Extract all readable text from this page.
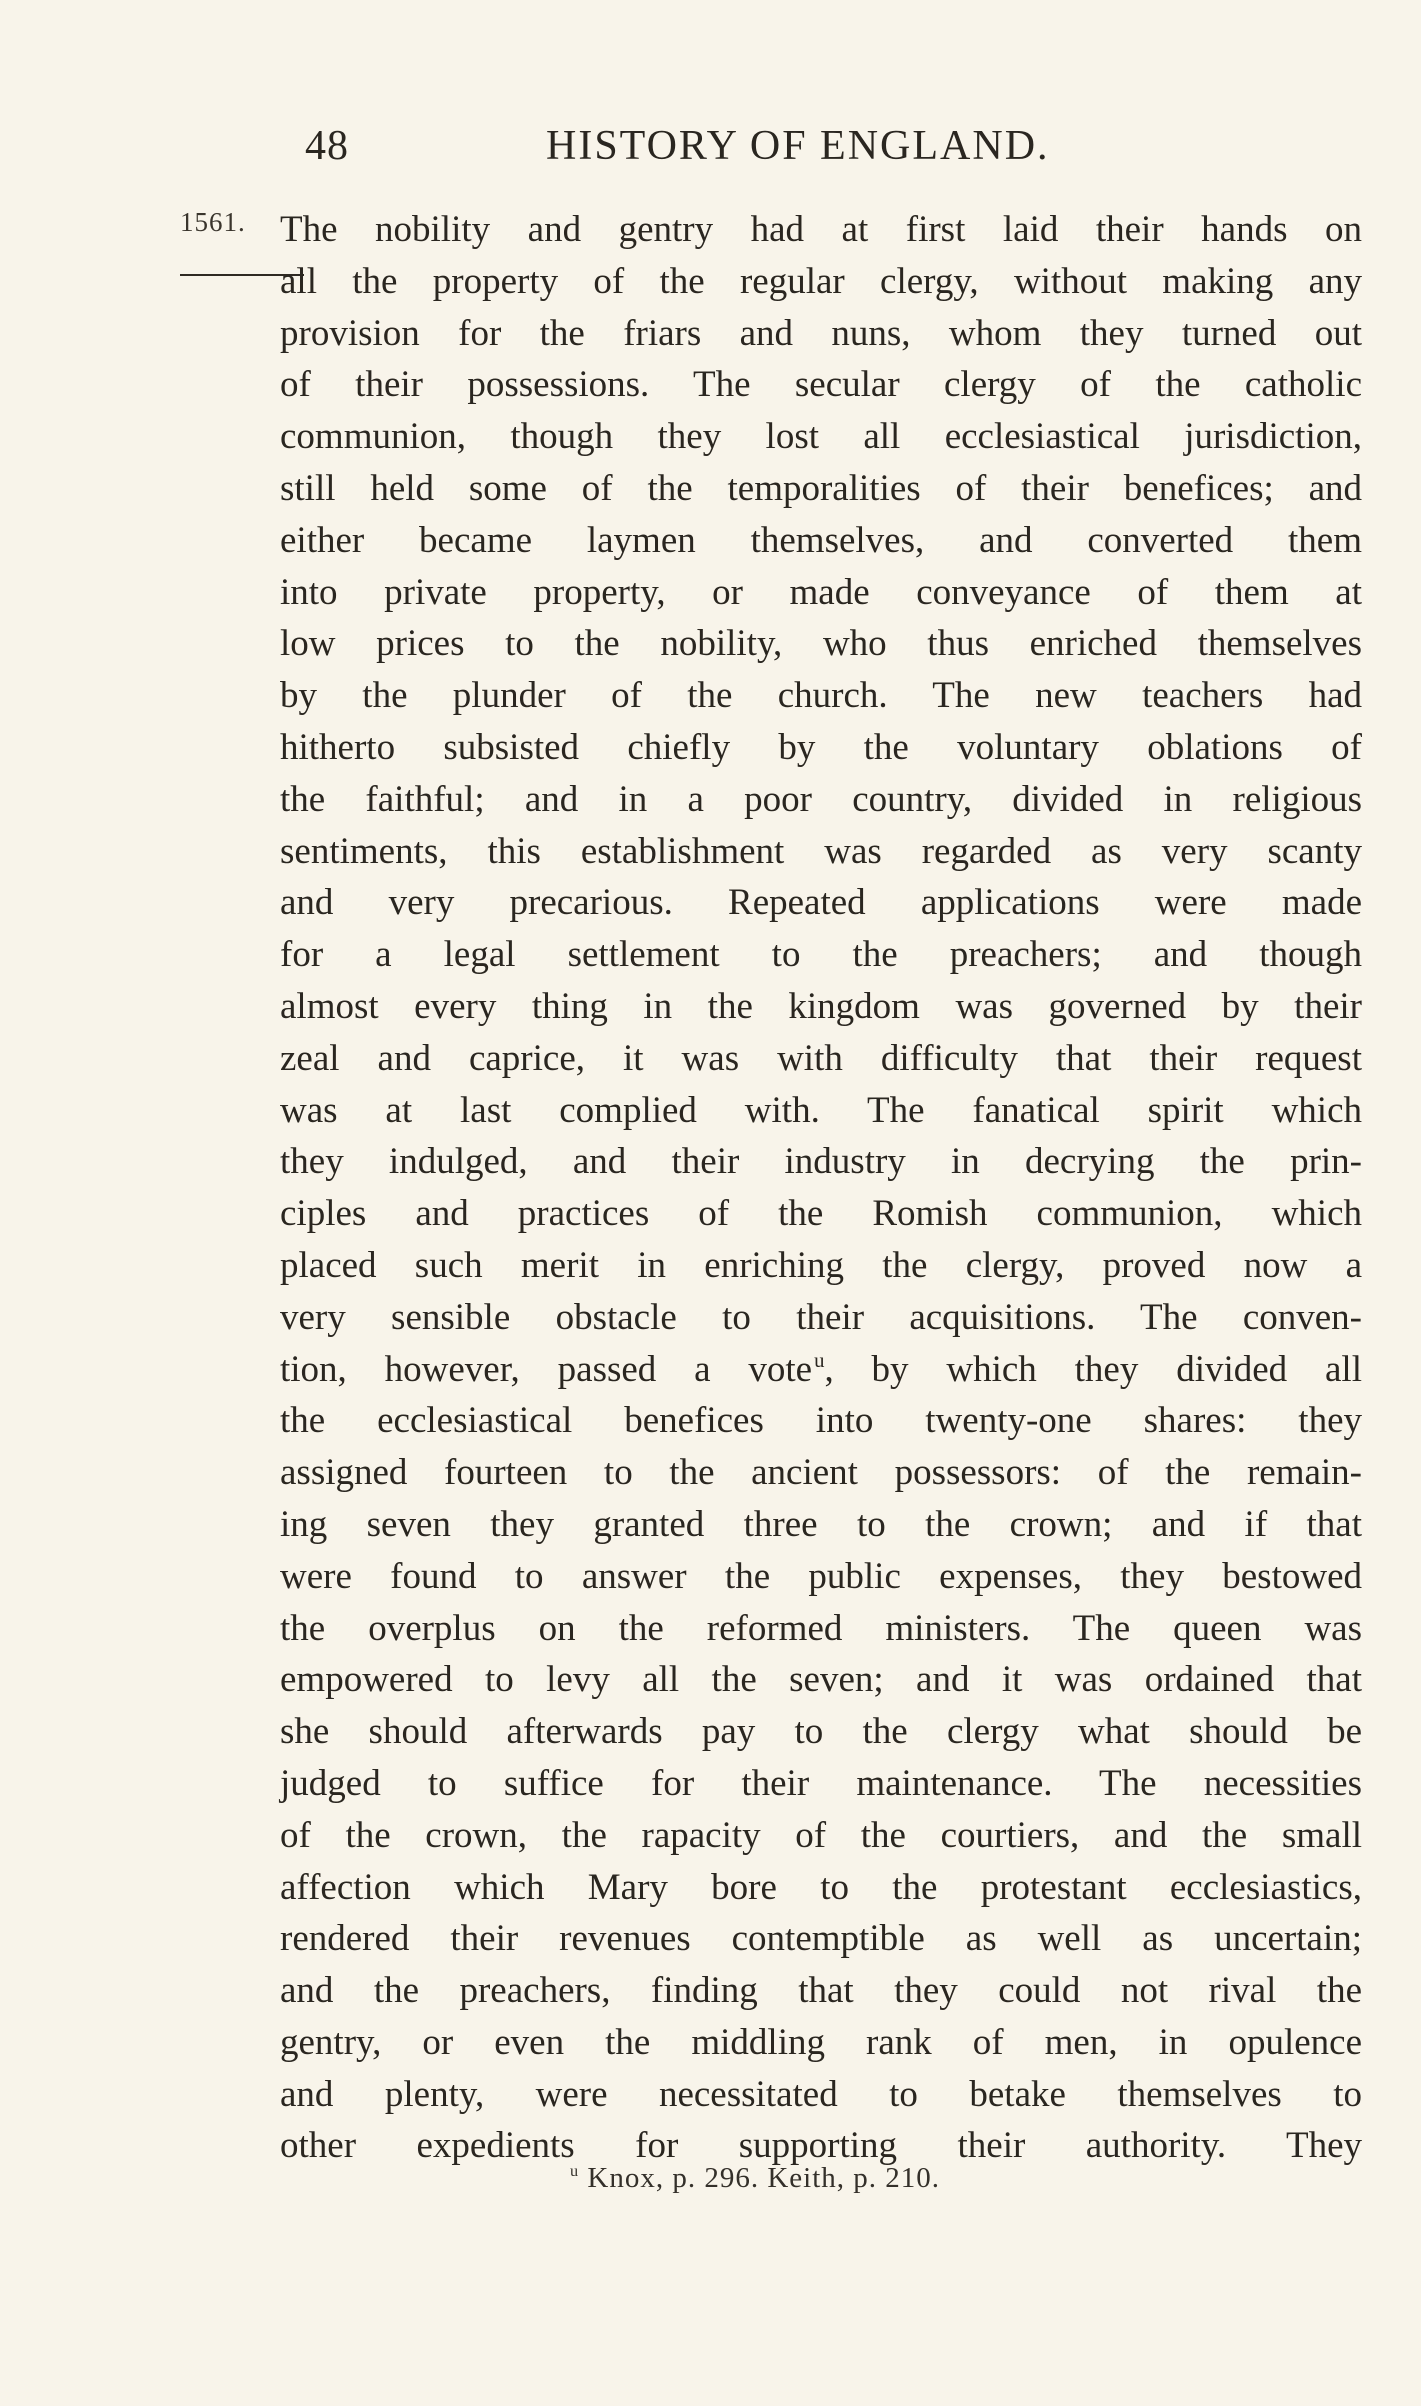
48	HISTORY OF ENGLAND.
1561. The nobility and gentry had at first laid their hands on
all the property of the regular clergy, without making any
provision for the friars and nuns, whom they turned out
of their possessions. The secular clergy of the catholic
communion, though they lost all ecclesiastical jurisdiction,
still held some of the temporalities of their benefices; and
either became laymen themselves, and converted them
into private property, or made conveyance of them at
low prices to the nobility, who thus enriched themselves
by the plunder of the church. The new teachers had
hitherto subsisted chiefly by the voluntary oblations of
the faithful; and in a poor country, divided in religious
sentiments, this establishment was regarded as very scanty
and very precarious. Repeated applications were made
for a legal settlement to the preachers; and though
almost every thing in the kingdom was governed by their
zeal and caprice, it was with difficulty that their request
was at last complied with. The fanatical spirit which
they indulged, and their industry in decrying the prin-
ciples and practices of the Romish communion, which
placed such merit in enriching the clergy, proved now a
very sensible obstacle to their acquisitions. The conven-
tion, however, passed a vote$^u$, by which they divided all
the ecclesiastical benefices into twenty-one shares: they
assigned fourteen to the ancient possessors: of the remain-
ing seven they granted three to the crown; and if that
were found to answer the public expenses, they bestowed
the overplus on the reformed ministers. The queen was
empowered to levy all the seven; and it was ordained that
she should afterwards pay to the clergy what should be
judged to suffice for their maintenance. The necessities
of the crown, the rapacity of the courtiers, and the small
affection which Mary bore to the protestant ecclesiastics,
rendered their revenues contemptible as well as uncertain;
and the preachers, finding that they could not rival the
gentry, or even the middling rank of men, in opulence
and plenty, were necessitated to betake themselves to
other expedients for supporting their authority. They
$^u$ Knox, p. 296. Keith, p. 210.
